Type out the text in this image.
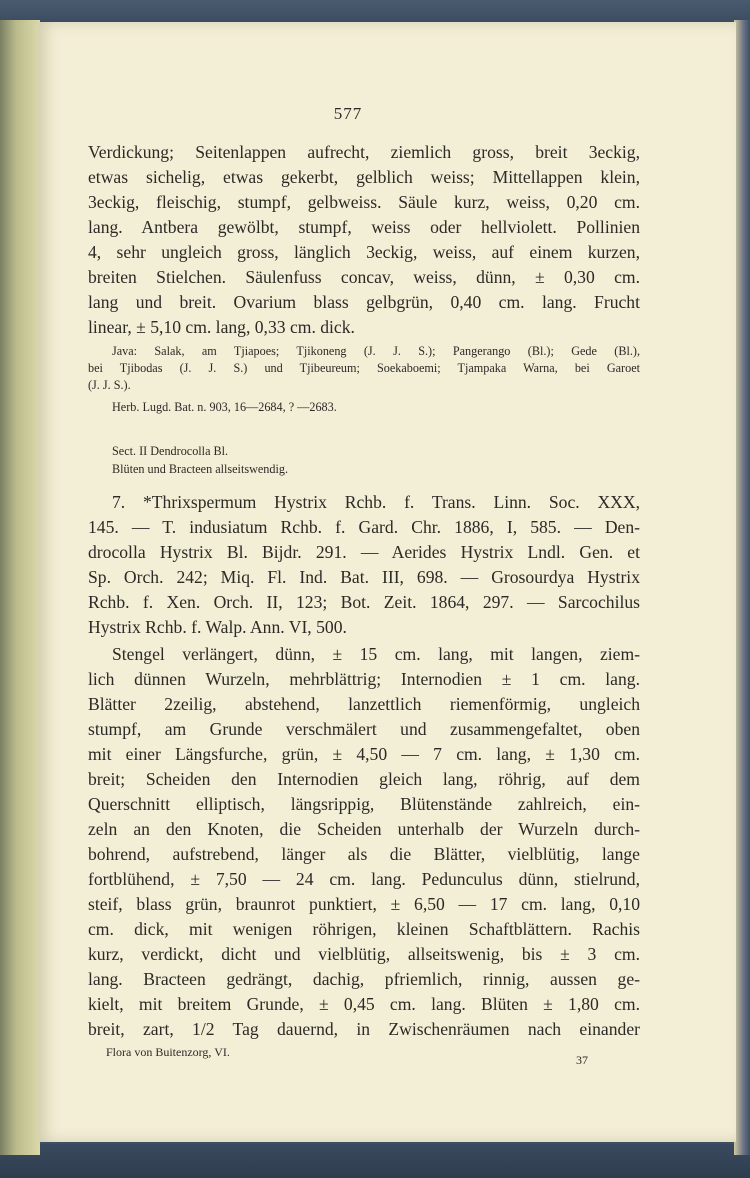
577
Verdickung; Seitenlappen aufrecht, ziemlich gross, breit 3eckig,
etwas sichelig, etwas gekerbt, gelblich weiss; Mittellappen klein,
3eckig, fleischig, stumpf, gelbweiss. Säule kurz, weiss, 0,20 cm.
lang. Antbera gewölbt, stumpf, weiss oder hellviolett. Pollinien
4, sehr ungleich gross, länglich 3eckig, weiss, auf einem kurzen,
breiten Stielchen. Säulenfuss concav, weiss, dünn, ± 0,30 cm.
lang und breit. Ovarium blass gelbgrün, 0,40 cm. lang. Frucht
linear, ± 5,10 cm. lang, 0,33 cm. dick.
Java: Salak, am Tjiapoes; Tjikoneng (J. J. S.); Pangerango (Bl.); Gede (Bl.),
bei Tjibodas (J. J. S.) und Tjibeureum; Soekaboemi; Tjampaka Warna, bei Garoet
(J. J. S.).
Herb. Lugd. Bat. n. 903, 16—2684, ? —2683.
Sect. II Dendrocolla Bl.
Blüten und Bracteen allseitswendig.
7. *Thrixspermum Hystrix Rchb. f. Trans. Linn. Soc. XXX,
145. — T. indusiatum Rchb. f. Gard. Chr. 1886, I, 585. — Den-
drocolla Hystrix Bl. Bijdr. 291. — Aerides Hystrix Lndl. Gen. et
Sp. Orch. 242; Miq. Fl. Ind. Bat. III, 698. — Grosourdya Hystrix
Rchb. f. Xen. Orch. II, 123; Bot. Zeit. 1864, 297. — Sarcochilus
Hystrix Rchb. f. Walp. Ann. VI, 500.
Stengel verlängert, dünn, ± 15 cm. lang, mit langen, ziem-
lich dünnen Wurzeln, mehrblättrig; Internodien ± 1 cm. lang.
Blätter 2zeilig, abstehend, lanzettlich riemenförmig, ungleich
stumpf, am Grunde verschmälert und zusammengefaltet, oben
mit einer Längsfurche, grün, ± 4,50 — 7 cm. lang, ± 1,30 cm.
breit; Scheiden den Internodien gleich lang, röhrig, auf dem
Querschnitt elliptisch, längsrippig, Blütenstände zahlreich, ein-
zeln an den Knoten, die Scheiden unterhalb der Wurzeln durch-
bohrend, aufstrebend, länger als die Blätter, vielblütig, lange
fortblühend, ± 7,50 — 24 cm. lang. Pedunculus dünn, stielrund,
steif, blass grün, braunrot punktiert, ± 6,50 — 17 cm. lang, 0,10
cm. dick, mit wenigen röhrigen, kleinen Schaftblättern. Rachis
kurz, verdickt, dicht und vielblütig, allseitswenig, bis ± 3 cm.
lang. Bracteen gedrängt, dachig, pfriemlich, rinnig, aussen ge-
kielt, mit breitem Grunde, ± 0,45 cm. lang. Blüten ± 1,80 cm.
breit, zart, 1/2 Tag dauernd, in Zwischenräumen nach einander
Flora von Buitenzorg, VI.
37
